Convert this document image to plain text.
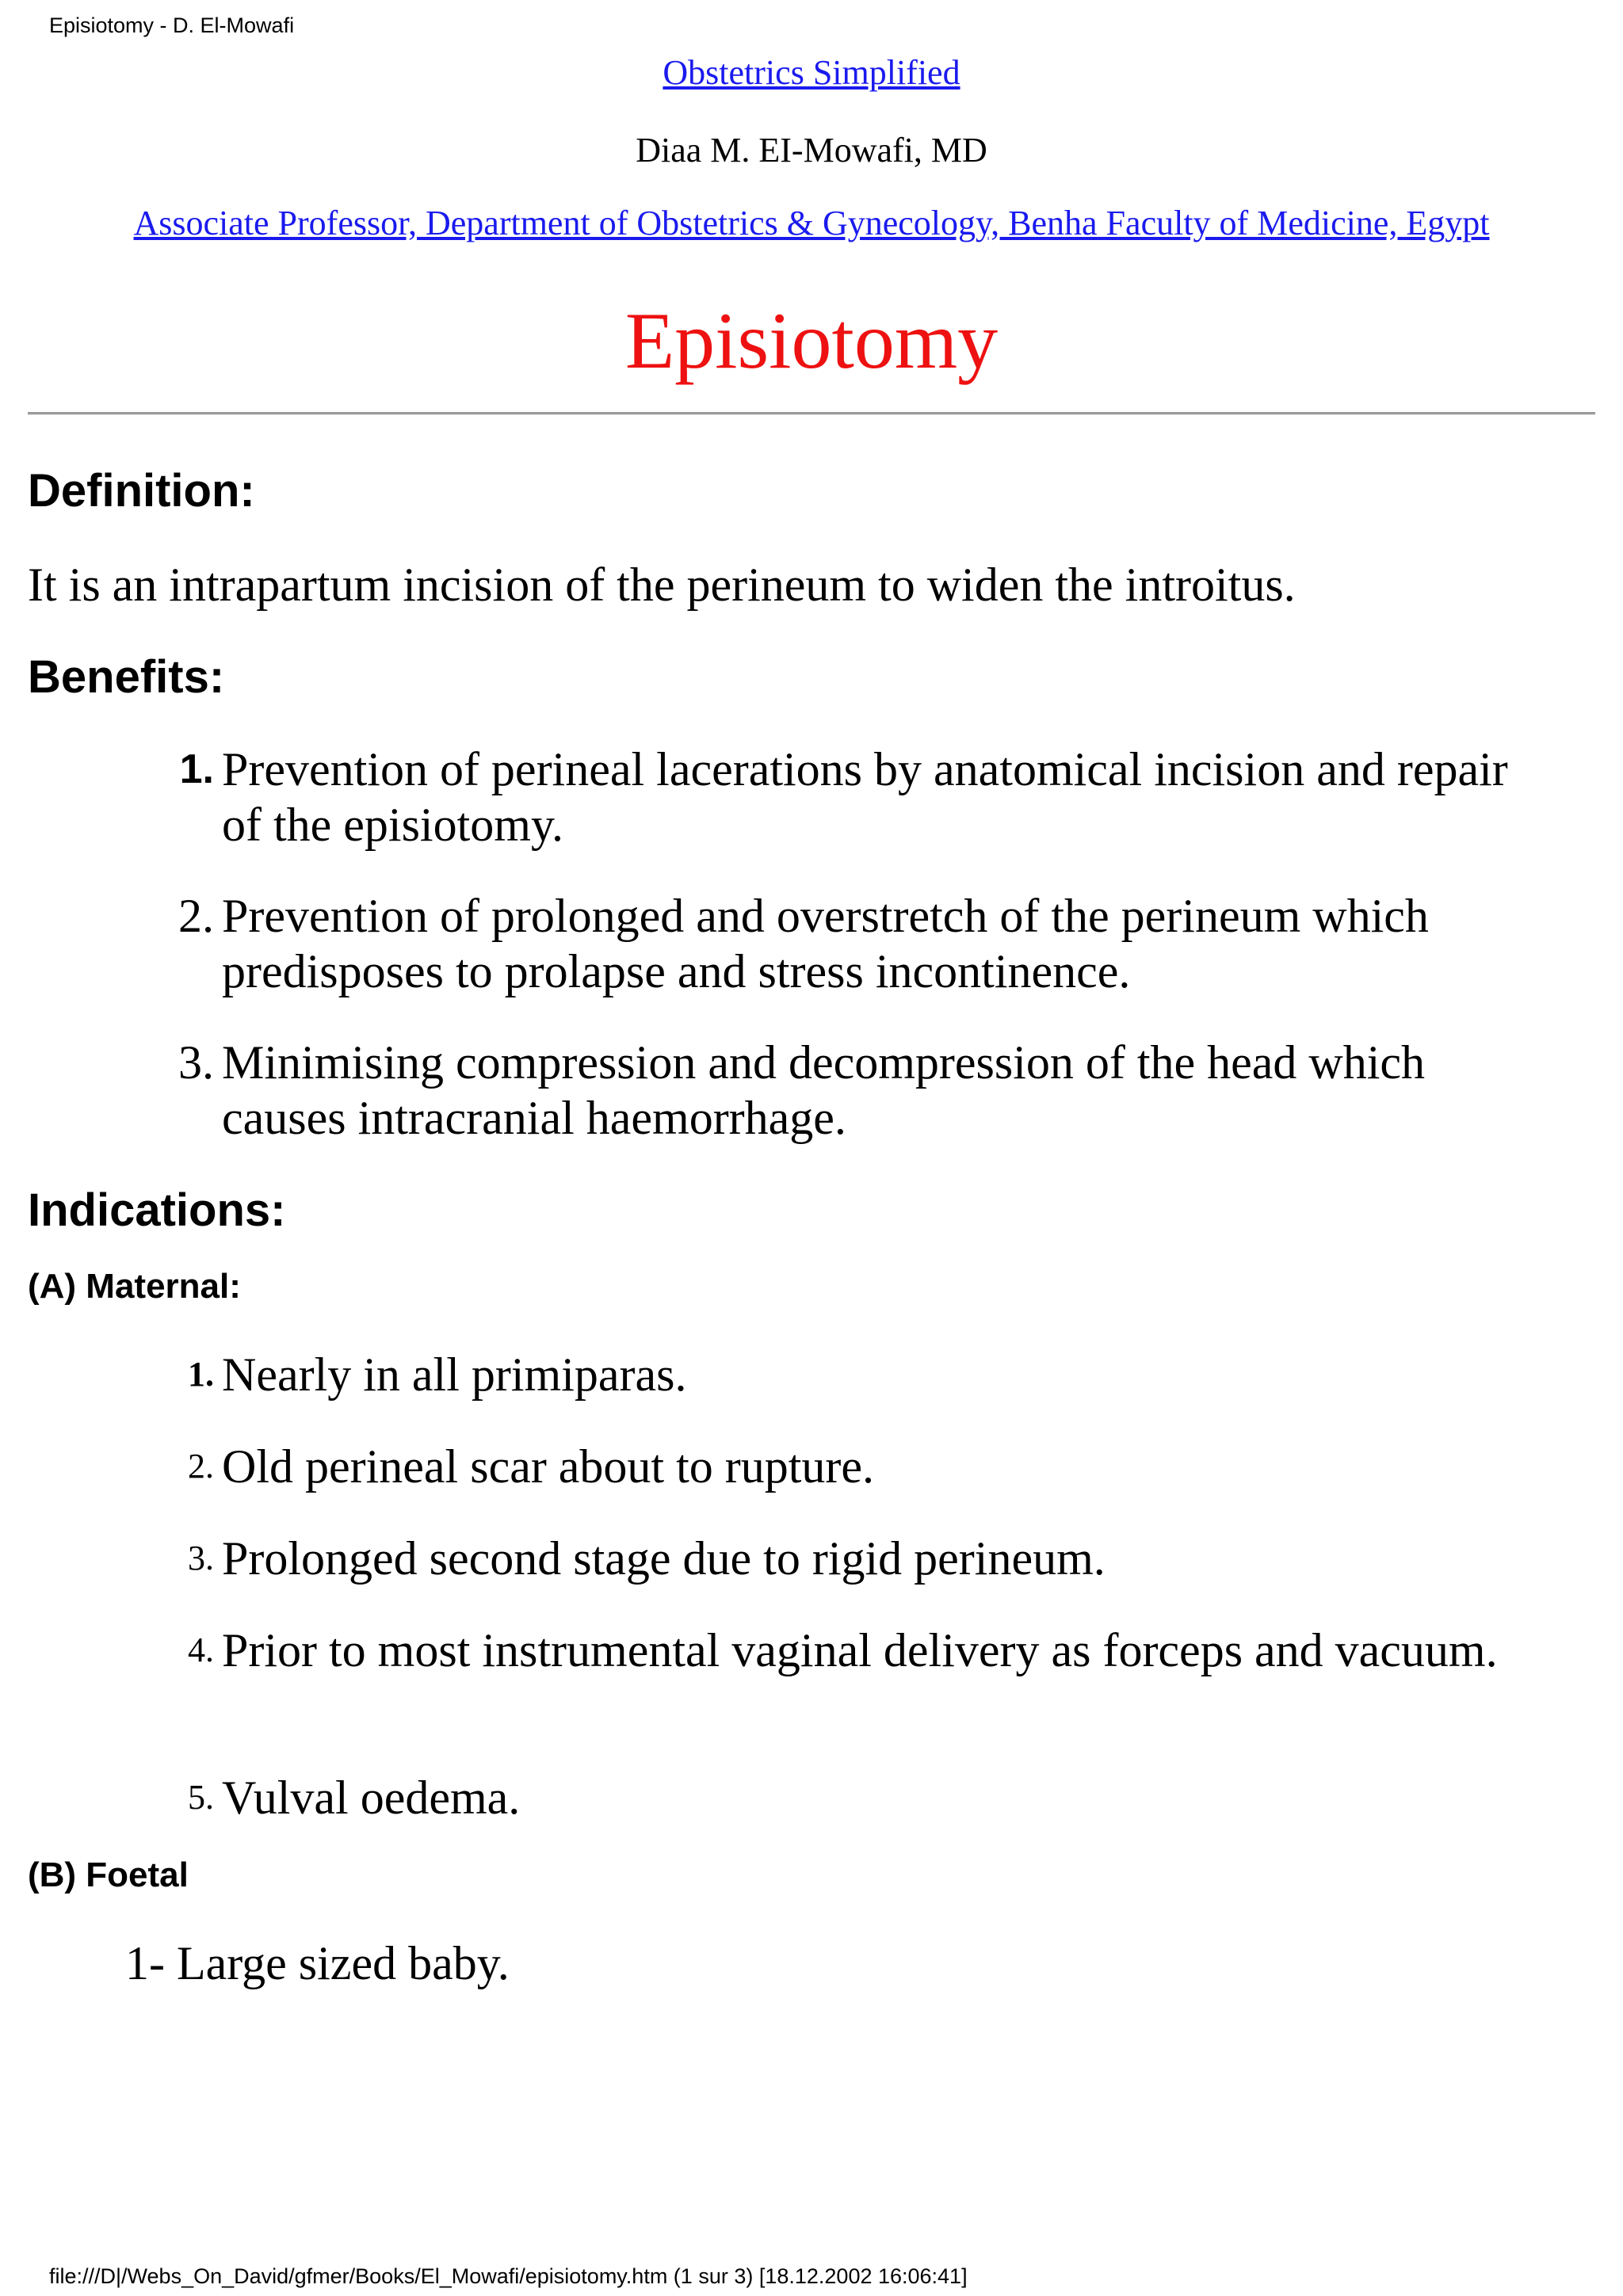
Episiotomy - D. El-Mowafi
Obstetrics Simplified
Diaa M. EI-Mowafi, MD
Associate Professor, Department of Obstetrics & Gynecology, Benha Faculty of Medicine, Egypt
Episiotomy
Definition:

It is an intrapartum incision of the perineum to widen the introitus.

Benefits:
1. Prevention of perineal lacerations by anatomical incision and repair of the episiotomy.
2. Prevention of prolonged and overstretch of the perineum which predisposes to prolapse and stress incontinence.
3. Minimising compression and decompression of the head which causes intracranial haemorrhage.
Indications:
(A) Maternal:
1. Nearly in all primiparas.
2. Old perineal scar about to rupture.
3. Prolonged second stage due to rigid perineum.
4. Prior to most instrumental vaginal delivery as forceps and vacuum.
5. Vulval oedema.
(B) Foetal
1- Large sized baby.
file:///D|/Webs_On_David/gfmer/Books/El_Mowafi/episiotomy.htm (1 sur 3) [18.12.2002 16:06:41]
